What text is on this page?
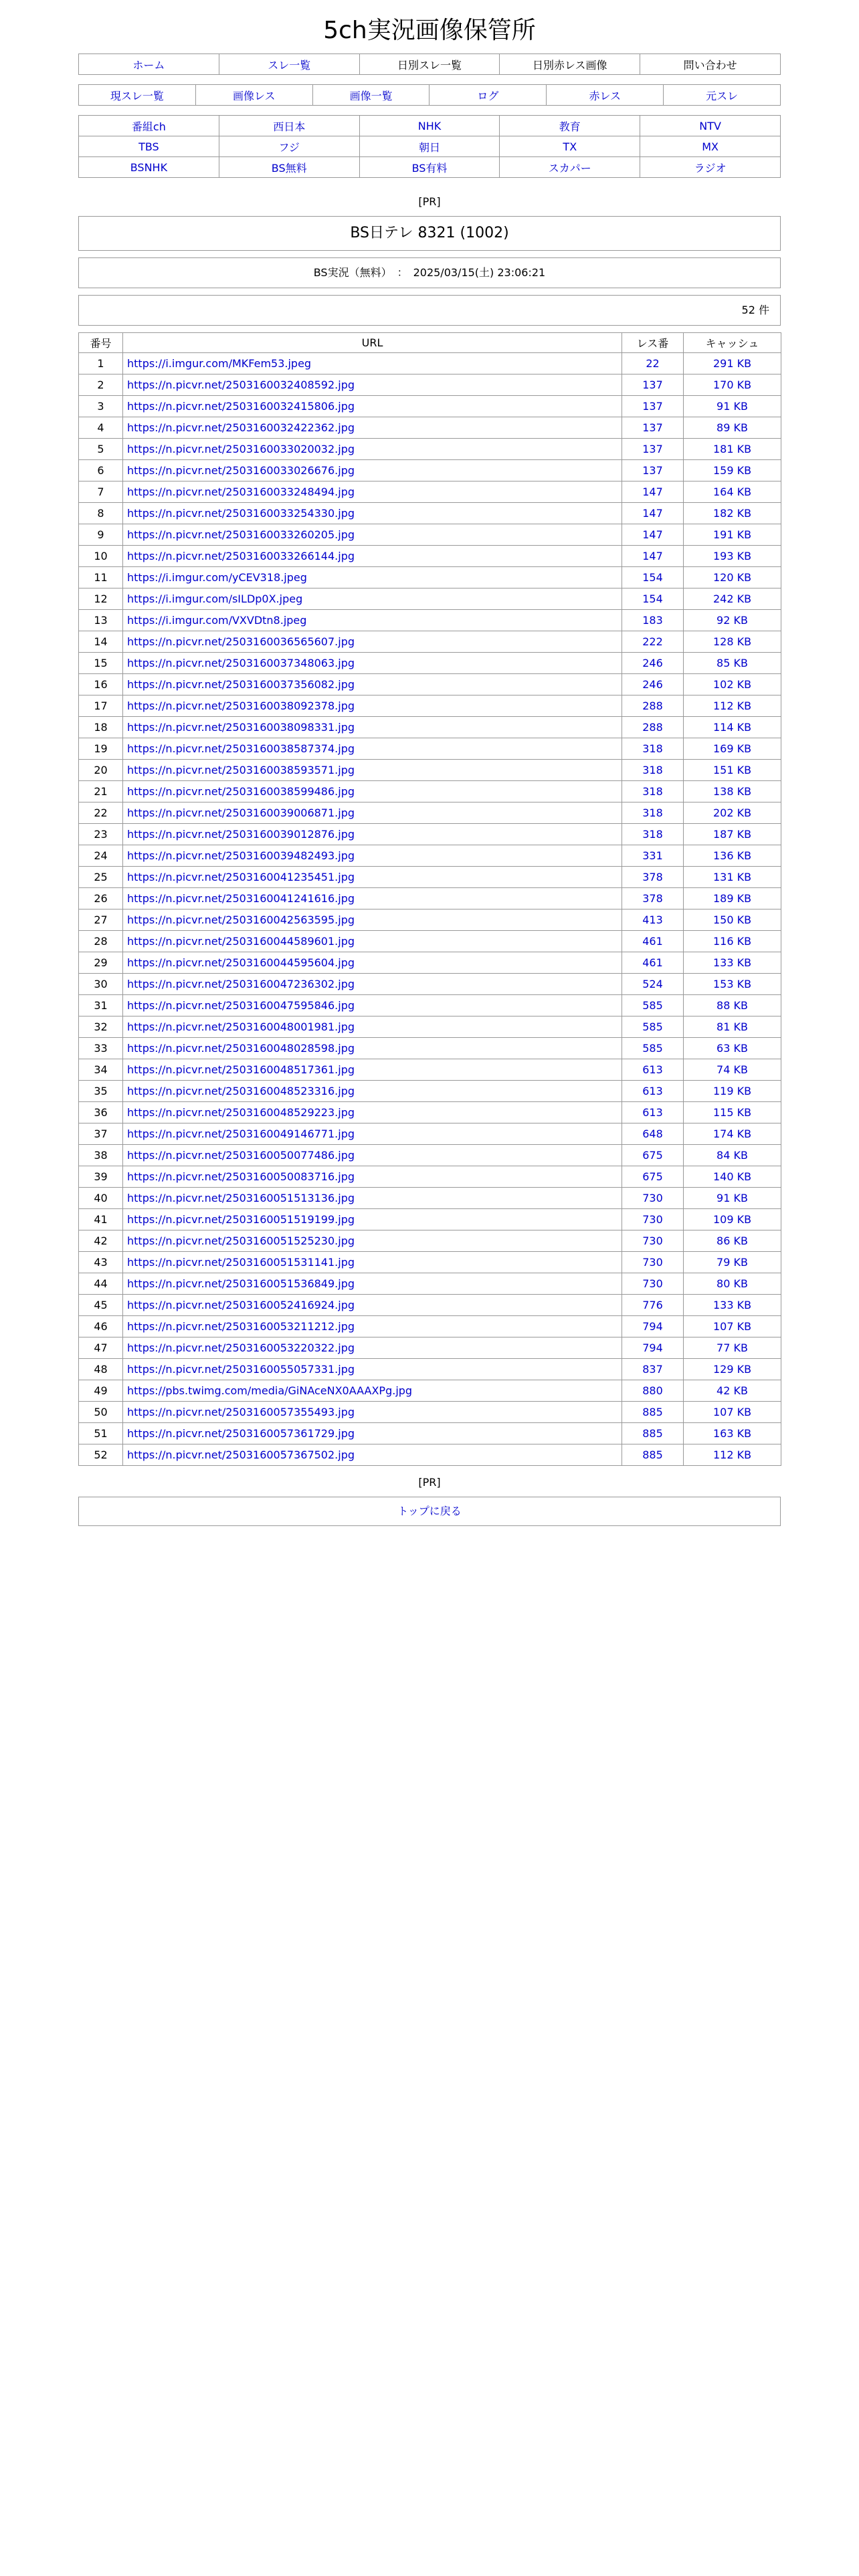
5ch実況画像保管所
ホーム	スレ一覧	日別スレ一覧	日別赤レス画像	問い合わせ
現スレ一覧	画像レス	画像一覧	ログ	赤レス	元スレ
番組ch	西日本	NHK	教育	NTV
TBS	フジ	朝日	TX	MX
BSNHK	BS無料	BS有料	スカパー	ラジオ
[PR]
BS日テレ 8321 (1002)
BS実況（無料）　：　2025/03/15(土) 23:06:21
52 件
番号	URL	レス番	キャッシュ
1	https://i.imgur.com/MKFem53.jpeg	22	291 KB
2	https://n.picvr.net/2503160032408592.jpg	137	170 KB
3	https://n.picvr.net/2503160032415806.jpg	137	91 KB
4	https://n.picvr.net/2503160032422362.jpg	137	89 KB
5	https://n.picvr.net/2503160033020032.jpg	137	181 KB
6	https://n.picvr.net/2503160033026676.jpg	137	159 KB
7	https://n.picvr.net/2503160033248494.jpg	147	164 KB
8	https://n.picvr.net/2503160033254330.jpg	147	182 KB
9	https://n.picvr.net/2503160033260205.jpg	147	191 KB
10	https://n.picvr.net/2503160033266144.jpg	147	193 KB
11	https://i.imgur.com/yCEV318.jpeg	154	120 KB
12	https://i.imgur.com/sILDp0X.jpeg	154	242 KB
13	https://i.imgur.com/VXVDtn8.jpeg	183	92 KB
14	https://n.picvr.net/2503160036565607.jpg	222	128 KB
15	https://n.picvr.net/2503160037348063.jpg	246	85 KB
16	https://n.picvr.net/2503160037356082.jpg	246	102 KB
17	https://n.picvr.net/2503160038092378.jpg	288	112 KB
18	https://n.picvr.net/2503160038098331.jpg	288	114 KB
19	https://n.picvr.net/2503160038587374.jpg	318	169 KB
20	https://n.picvr.net/2503160038593571.jpg	318	151 KB
21	https://n.picvr.net/2503160038599486.jpg	318	138 KB
22	https://n.picvr.net/2503160039006871.jpg	318	202 KB
23	https://n.picvr.net/2503160039012876.jpg	318	187 KB
24	https://n.picvr.net/2503160039482493.jpg	331	136 KB
25	https://n.picvr.net/2503160041235451.jpg	378	131 KB
26	https://n.picvr.net/2503160041241616.jpg	378	189 KB
27	https://n.picvr.net/2503160042563595.jpg	413	150 KB
28	https://n.picvr.net/2503160044589601.jpg	461	116 KB
29	https://n.picvr.net/2503160044595604.jpg	461	133 KB
30	https://n.picvr.net/2503160047236302.jpg	524	153 KB
31	https://n.picvr.net/2503160047595846.jpg	585	88 KB
32	https://n.picvr.net/2503160048001981.jpg	585	81 KB
33	https://n.picvr.net/2503160048028598.jpg	585	63 KB
34	https://n.picvr.net/2503160048517361.jpg	613	74 KB
35	https://n.picvr.net/2503160048523316.jpg	613	119 KB
36	https://n.picvr.net/2503160048529223.jpg	613	115 KB
37	https://n.picvr.net/2503160049146771.jpg	648	174 KB
38	https://n.picvr.net/2503160050077486.jpg	675	84 KB
39	https://n.picvr.net/2503160050083716.jpg	675	140 KB
40	https://n.picvr.net/2503160051513136.jpg	730	91 KB
41	https://n.picvr.net/2503160051519199.jpg	730	109 KB
42	https://n.picvr.net/2503160051525230.jpg	730	86 KB
43	https://n.picvr.net/2503160051531141.jpg	730	79 KB
44	https://n.picvr.net/2503160051536849.jpg	730	80 KB
45	https://n.picvr.net/2503160052416924.jpg	776	133 KB
46	https://n.picvr.net/2503160053211212.jpg	794	107 KB
47	https://n.picvr.net/2503160053220322.jpg	794	77 KB
48	https://n.picvr.net/2503160055057331.jpg	837	129 KB
49	https://pbs.twimg.com/media/GiNAceNX0AAAXPg.jpg	880	42 KB
50	https://n.picvr.net/2503160057355493.jpg	885	107 KB
51	https://n.picvr.net/2503160057361729.jpg	885	163 KB
52	https://n.picvr.net/2503160057367502.jpg	885	112 KB
[PR]
トップに戻る
